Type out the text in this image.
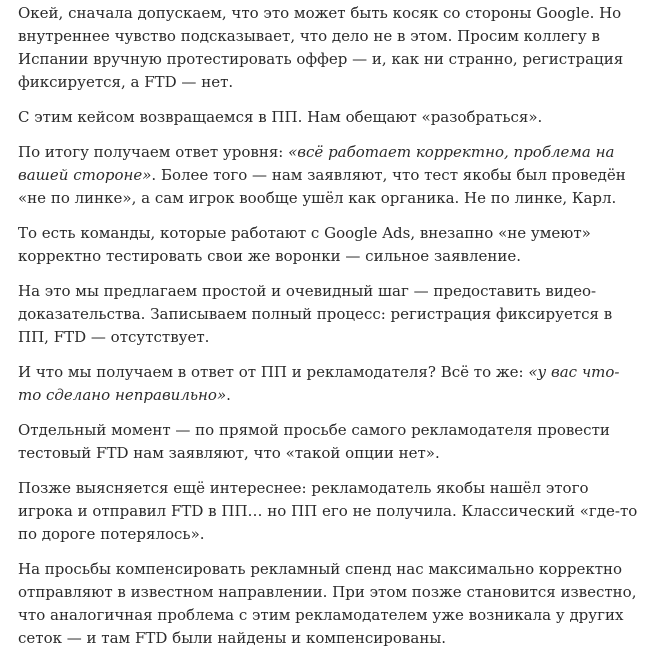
Окей, сначала допускаем, что это может быть косяк со стороны Google. Но внутреннее чувство подсказывает, что дело не в этом. Просим коллегу в Испании вручную протестировать оффер — и, как ни странно, регистрация фиксируется, а FTD — нет.

С этим кейсом возвращаемся в ПП. Нам обещают «разобраться».

По итогу получаем ответ уровня: «всё работает корректно, проблема на вашей стороне». Более того — нам заявляют, что тест якобы был проведён «не по линке», а сам игрок вообще ушёл как органика. Не по линке, Карл.

То есть команды, которые работают с Google Ads, внезапно «не умеют» корректно тестировать свои же воронки — сильное заявление.

На это мы предлагаем простой и очевидный шаг — предоставить видео-доказательства. Записываем полный процесс: регистрация фиксируется в ПП, FTD — отсутствует.

И что мы получаем в ответ от ПП и рекламодателя? Всё то же: «у вас что-то сделано неправильно».

Отдельный момент — по прямой просьбе самого рекламодателя провести тестовый FTD нам заявляют, что «такой опции нет».

Позже выясняется ещё интереснее: рекламодатель якобы нашёл этого игрока и отправил FTD в ПП… но ПП его не получила. Классический «где-то по дороге потерялось».

На просьбы компенсировать рекламный спенд нас максимально корректно отправляют в известном направлении. При этом позже становится известно, что аналогичная проблема с этим рекламодателем уже возникала у других сеток — и там FTD были найдены и компенсированы.
